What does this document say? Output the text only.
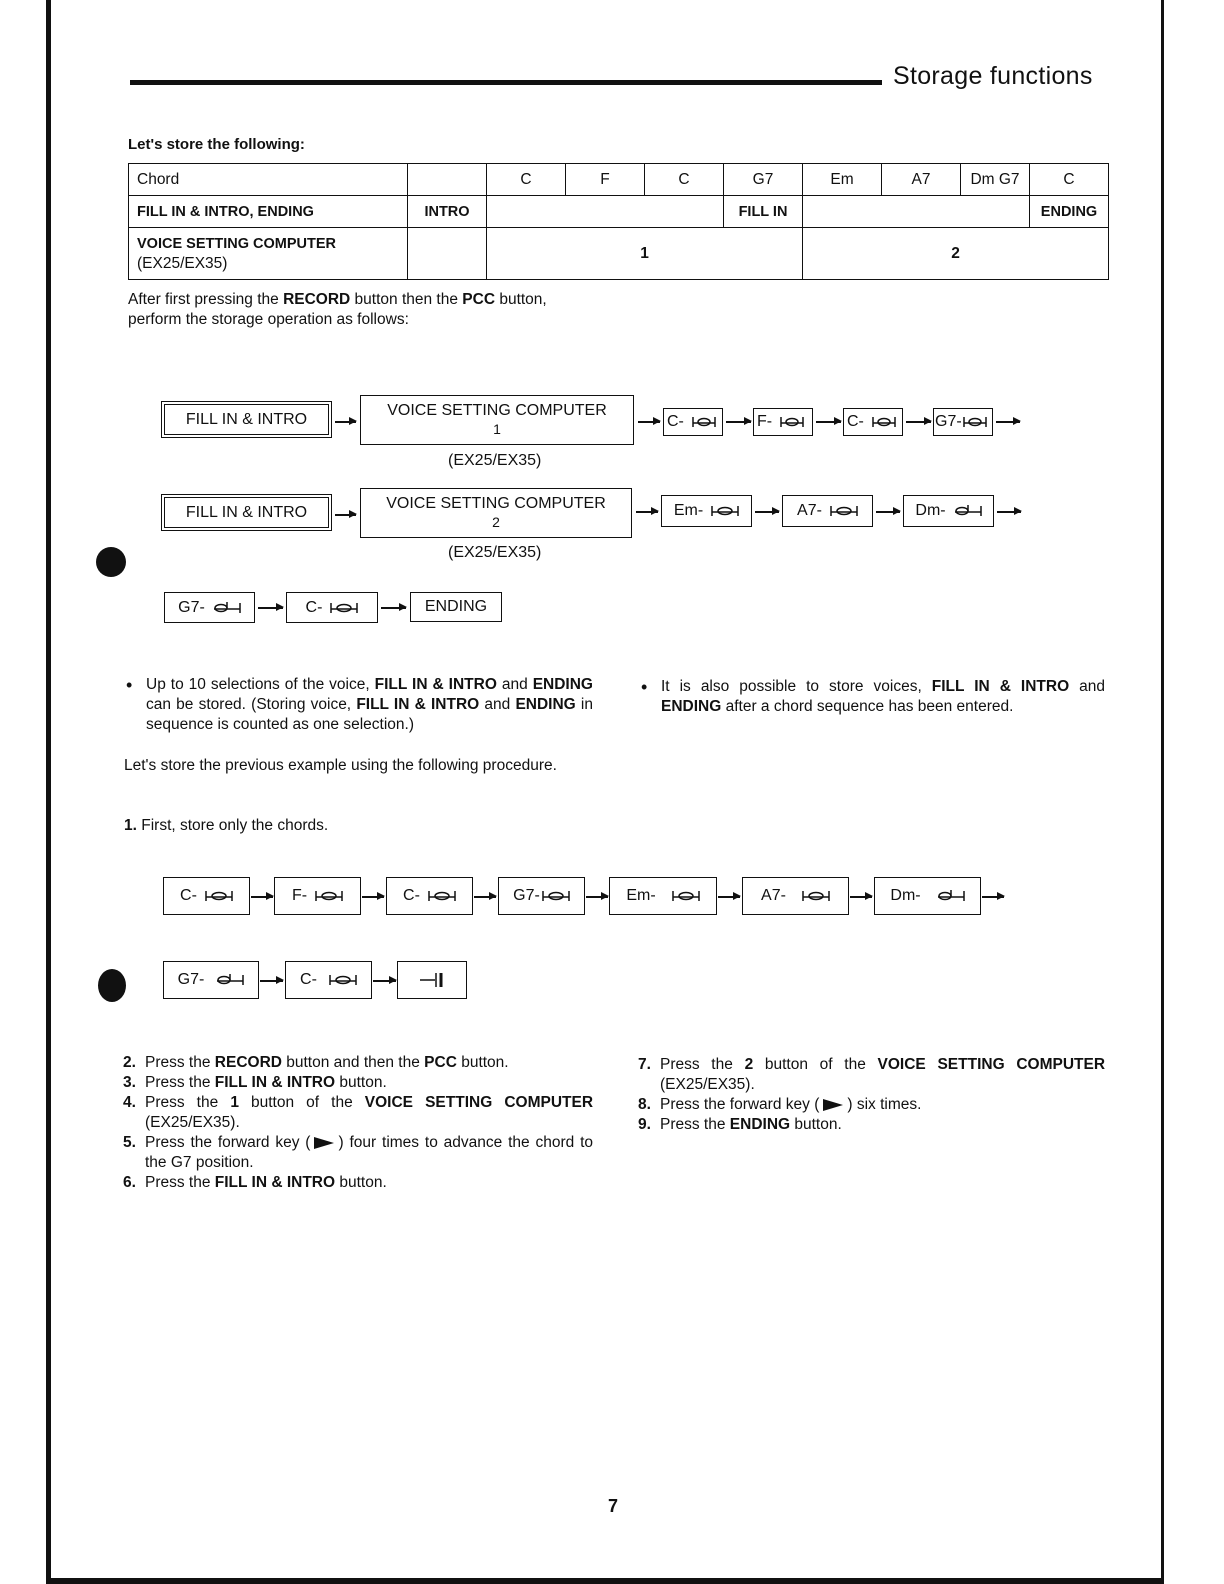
Storage functions
Let's store the following:
Chord		C	F	C	G7	Em	A7	Dm G7	C
FILL IN & INTRO, ENDING	INTRO				FILL IN				ENDING

VOICE SETTING COMPUTER
(EX25/EX35)		1				2			
After first pressing the RECORD button then the PCC button,
perform the storage operation as follows:
FILL IN & INTRO	VOICE SETTING COMPUTER
1
(EX25/EX35)
C-	F-	C-	G7-
FILL IN & INTRO	VOICE SETTING COMPUTER
2
(EX25/EX35)
Em-	A7-	Dm-
G7-	C-	ENDING
• Up to 10 selections of the voice, FILL IN & INTRO and ENDING can be stored. (Storing voice, FILL IN & INTRO and ENDING in sequence is counted as one selection.)
• It is also possible to store voices, FILL IN & INTRO and ENDING after a chord sequence has been entered.
Let's store the previous example using the following procedure.
1. First, store only the chords.
C-	F-	C-	G7-	Em-	A7-	Dm-
G7-	C-
2. Press the RECORD button and then the PCC button.
3. Press the FILL IN & INTRO button.
4. Press the 1 button of the VOICE SETTING COMPUTER (EX25/EX35).
5. Press the forward key ( ) four times to advance the chord to the G7 position.
6. Press the FILL IN & INTRO button.
7. Press the 2 button of the VOICE SETTING COMPUTER (EX25/EX35).
8. Press the forward key ( ) six times.
9. Press the ENDING button.
7
